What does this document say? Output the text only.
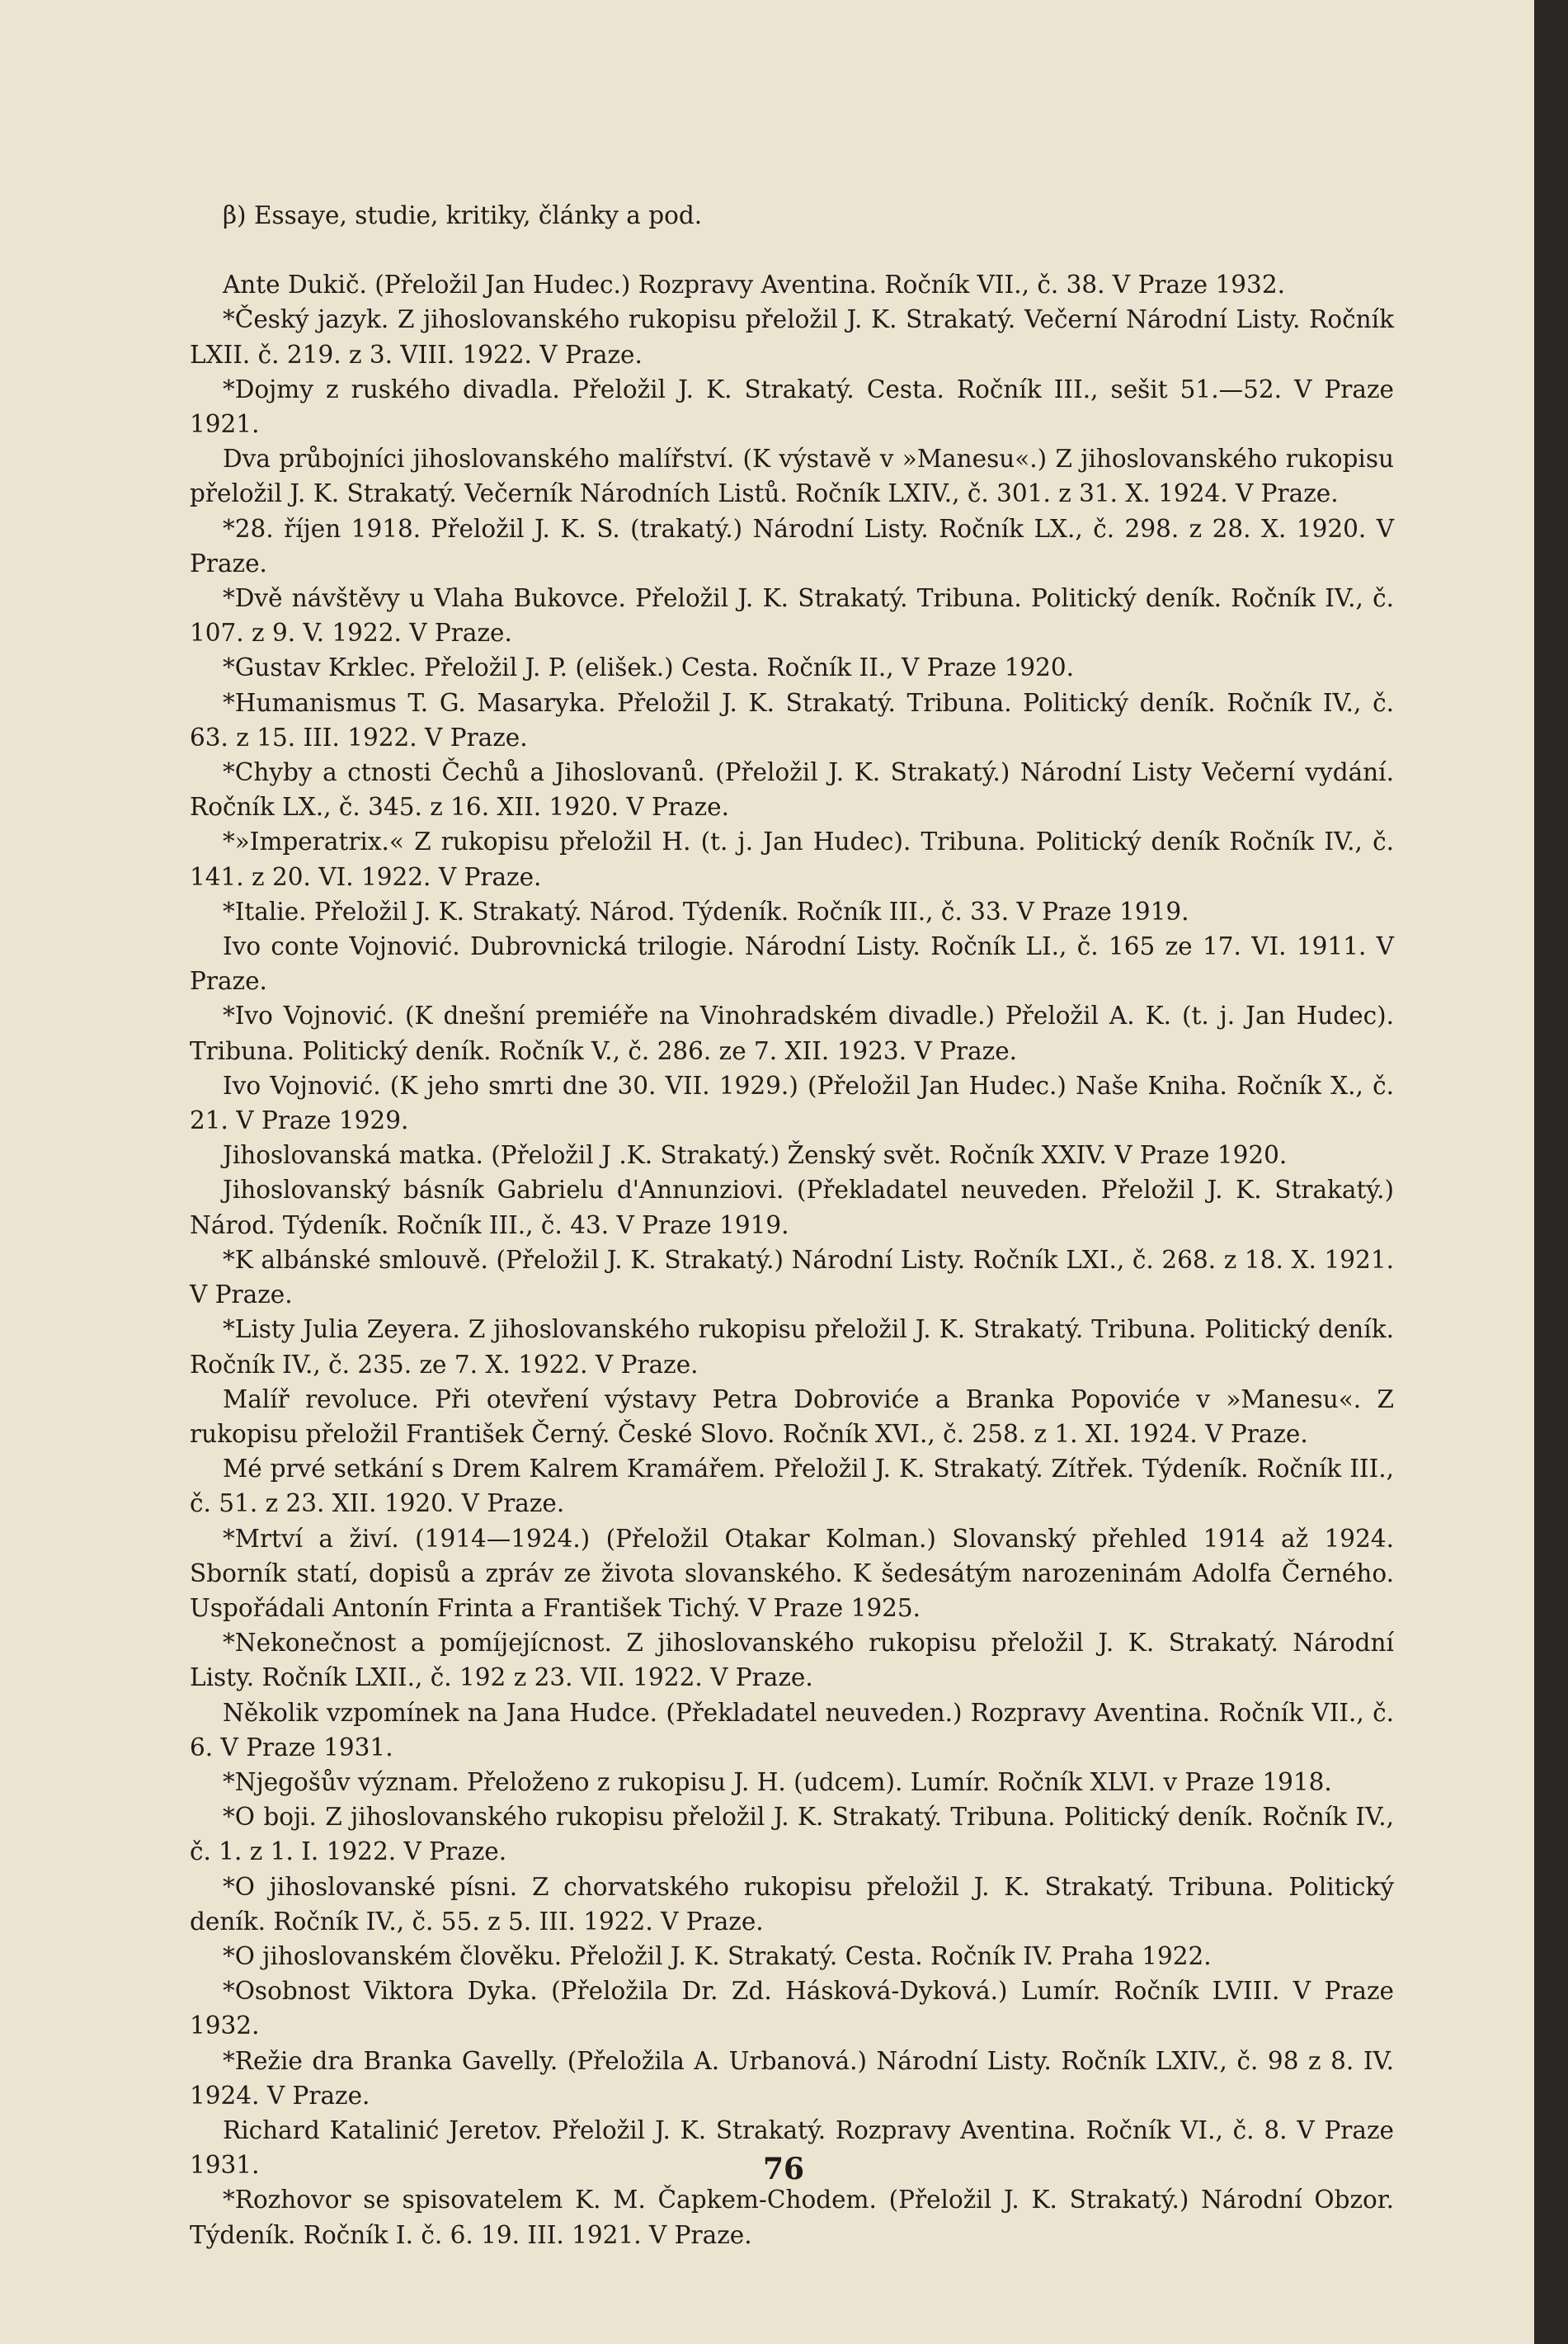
β) Essaye, studie, kritiky, články a pod.

Ante Dukič. (Přeložil Jan Hudec.) Rozpravy Aventina. Ročník VII., č. 38. V Praze 1932.

*Český jazyk. Z jihoslovanského rukopisu přeložil J. K. Strakatý. Večerní Národní Listy. Ročník LXII. č. 219. z 3. VIII. 1922. V Praze.

*Dojmy z ruského divadla. Přeložil J. K. Strakatý. Cesta. Ročník III., sešit 51.—52. V Praze 1921.

Dva průbojníci jihoslovanského malířství. (K výstavě v »Manesu«.) Z jihoslovanského rukopisu přeložil J. K. Strakatý. Večerník Národních Listů. Ročník LXIV., č. 301. z 31. X. 1924. V Praze.

*28. říjen 1918. Přeložil J. K. S. (trakatý.) Národní Listy. Ročník LX., č. 298. z 28. X. 1920. V Praze.

*Dvě návštěvy u Vlaha Bukovce. Přeložil J. K. Strakatý. Tribuna. Politický deník. Ročník IV., č. 107. z 9. V. 1922. V Praze.

*Gustav Krklec. Přeložil J. P. (elišek.) Cesta. Ročník II., V Praze 1920.

*Humanismus T. G. Masaryka. Přeložil J. K. Strakatý. Tribuna. Politický deník. Ročník IV., č. 63. z 15. III. 1922. V Praze.

*Chyby a ctnosti Čechů a Jihoslovanů. (Přeložil J. K. Strakatý.) Národní Listy Večerní vydání. Ročník LX., č. 345. z 16. XII. 1920. V Praze.

*»Imperatrix.« Z rukopisu přeložil H. (t. j. Jan Hudec). Tribuna. Politický deník Ročník IV., č. 141. z 20. VI. 1922. V Praze.

*Italie. Přeložil J. K. Strakatý. Národ. Týdeník. Ročník III., č. 33. V Praze 1919.

Ivo conte Vojnović. Dubrovnická trilogie. Národní Listy. Ročník LI., č. 165 ze 17. VI. 1911. V Praze.

*Ivo Vojnović. (K dnešní premiéře na Vinohradském divadle.) Přeložil A. K. (t. j. Jan Hudec). Tribuna. Politický deník. Ročník V., č. 286. ze 7. XII. 1923. V Praze.

Ivo Vojnović. (K jeho smrti dne 30. VII. 1929.) (Přeložil Jan Hudec.) Naše Kniha. Ročník X., č. 21. V Praze 1929.

Jihoslovanská matka. (Přeložil J .K. Strakatý.) Ženský svět. Ročník XXIV. V Praze 1920.

Jihoslovanský básník Gabrielu d'Annunziovi. (Překladatel neuveden. Přeložil J. K. Strakatý.) Národ. Týdeník. Ročník III., č. 43. V Praze 1919.

*K albánské smlouvě. (Přeložil J. K. Strakatý.) Národní Listy. Ročník LXI., č. 268. z 18. X. 1921. V Praze.

*Listy Julia Zeyera. Z jihoslovanského rukopisu přeložil J. K. Strakatý. Tribuna. Politický deník. Ročník IV., č. 235. ze 7. X. 1922. V Praze.

Malíř revoluce. Při otevření výstavy Petra Dobroviće a Branka Popoviće v »Manesu«. Z rukopisu přeložil František Černý. České Slovo. Ročník XVI., č. 258. z 1. XI. 1924. V Praze.

Mé prvé setkání s Drem Kalrem Kramářem. Přeložil J. K. Strakatý. Zítřek. Týdeník. Ročník III., č. 51. z 23. XII. 1920. V Praze.

*Mrtví a živí. (1914—1924.) (Přeložil Otakar Kolman.) Slovanský přehled 1914 až 1924. Sborník statí, dopisů a zpráv ze života slovanského. K šedesátým narozeninám Adolfa Černého. Uspořádali Antonín Frinta a František Tichý. V Praze 1925.

*Nekonečnost a pomíjejícnost. Z jihoslovanského rukopisu přeložil J. K. Strakatý. Národní Listy. Ročník LXII., č. 192 z 23. VII. 1922. V Praze.

Několik vzpomínek na Jana Hudce. (Překladatel neuveden.) Rozpravy Aventina. Ročník VII., č. 6. V Praze 1931.

*Njegošův význam. Přeloženo z rukopisu J. H. (udcem). Lumír. Ročník XLVI. v Praze 1918.

*O boji. Z jihoslovanského rukopisu přeložil J. K. Strakatý. Tribuna. Politický deník. Ročník IV., č. 1. z 1. I. 1922. V Praze.

*O jihoslovanské písni. Z chorvatského rukopisu přeložil J. K. Strakatý. Tribuna. Politický deník. Ročník IV., č. 55. z 5. III. 1922. V Praze.

*O jihoslovanském člověku. Přeložil J. K. Strakatý. Cesta. Ročník IV. Praha 1922.

*Osobnost Viktora Dyka. (Přeložila Dr. Zd. Hásková-Dyková.) Lumír. Ročník LVIII. V Praze 1932.

*Režie dra Branka Gavelly. (Přeložila A. Urbanová.) Národní Listy. Ročník LXIV., č. 98 z 8. IV. 1924. V Praze.

Richard Katalinić Jeretov. Přeložil J. K. Strakatý. Rozpravy Aventina. Ročník VI., č. 8. V Praze 1931.

*Rozhovor se spisovatelem K. M. Čapkem-Chodem. (Přeložil J. K. Strakatý.) Národní Obzor. Týdeník. Ročník I. č. 6. 19. III. 1921. V Praze.

76
